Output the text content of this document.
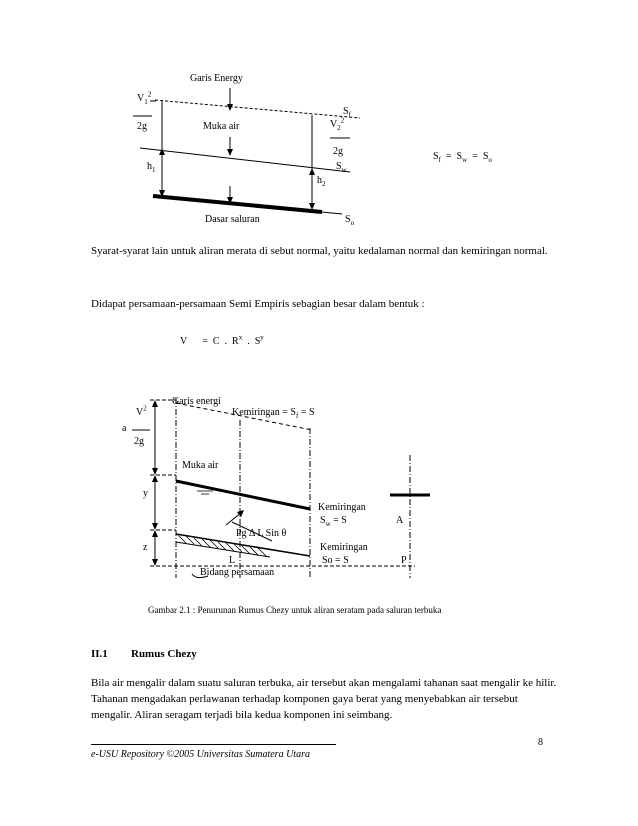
Garis Energy
$V_1^2$
2g	Muka air	$V_2^2$
$S_f$
2g
$S_w$
$h_1$
$h_2$
Dasar saluran	$S_o$
$S_f = S_w = S_o$
Syarat-syarat lain untuk aliran merata di sebut normal, yaitu kedalaman normal dan kemiringan normal.
Didapat persamaan-persamaan Semi Empiris sebagian besar dalam bentuk :
V = C . $R^x$ . $S^y$
Garis energi
$V^2$
a
2g
Kemiringan = $S_f = S$
Muka air
y
Kemiringan
$S_w = S$	A
Pg Δ L Sin θ
z	Kemiringan
So = S
L	P
Bidang persamaan
Gambar 2.1 : Penurunan Rumus Chezy untuk aliran seratam pada saluran terbuka
II.1 Rumus Chezy
Bila air mengalir dalam suatu saluran terbuka, air tersebut akan mengalami tahanan saat mengalir ke hilir. Tahanan mengadakan perlawanan terhadap komponen gaya berat yang menyebabkan air tersebut mengalir. Aliran seragam terjadi bila kedua komponen ini seimbang.
8
e-USU Repository ©2005 Universitas Sumatera Utara
